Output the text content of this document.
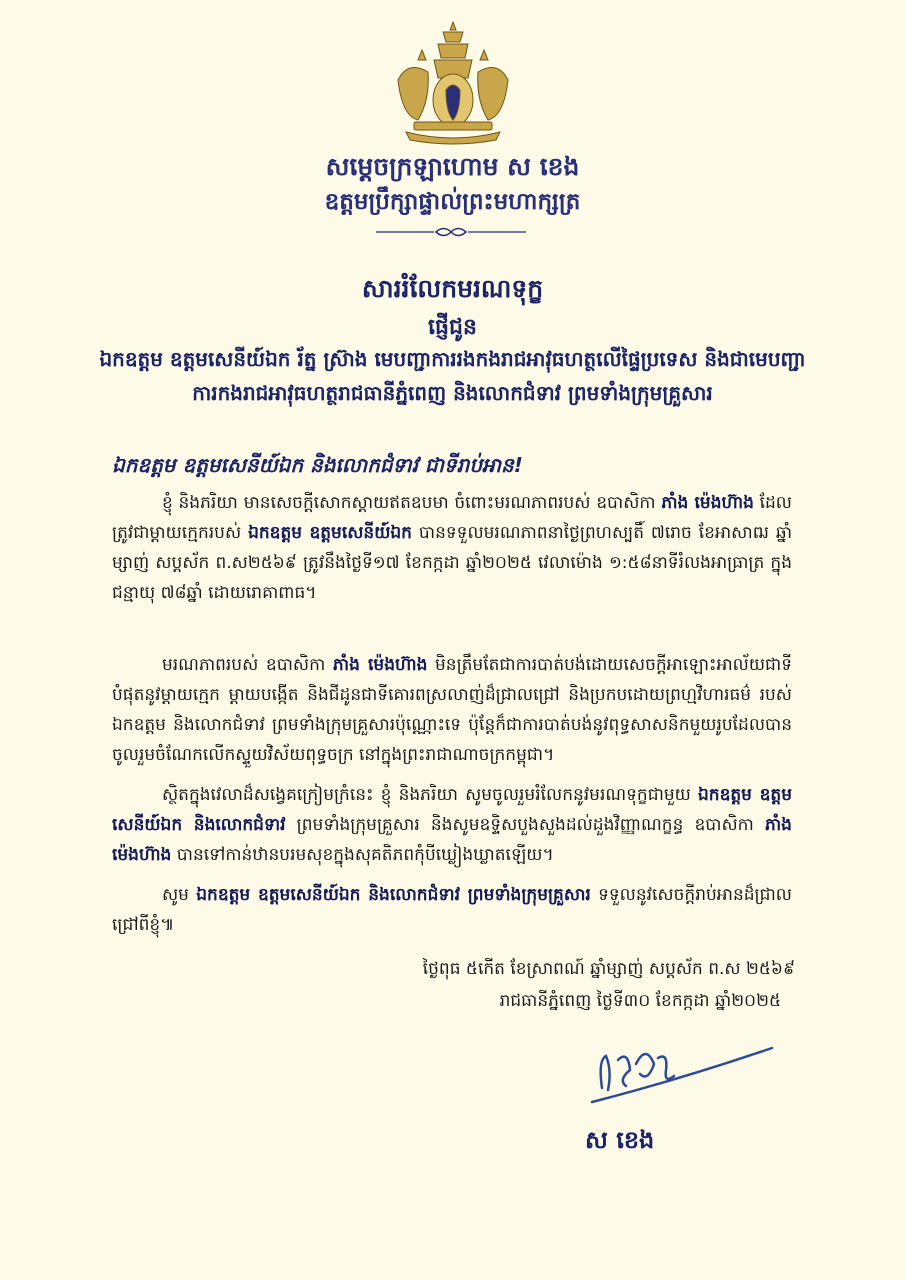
សម្តេចក្រឡាហោម ស ខេង
ឧត្តមប្រឹក្សាផ្ទាល់ព្រះមហាក្សត្រ
សាររំលែកមរណទុក្ខ
ផ្ញើជូន
ឯកឧត្តម ឧត្តមសេនីយ៍ឯក រ័ត្ន ស្រ៊ាង មេបញ្ជាការរងកងរាជអាវុធហត្ថលើផ្ទៃប្រទេស និងជាមេបញ្ជាការកងរាជអាវុធហត្ថរាជធានីភ្នំពេញ និងលោកជំទាវ ព្រមទាំងក្រុមគ្រួសារ
ឯកឧត្តម ឧត្តមសេនីយ៍ឯក និងលោកជំទាវ ជាទីរាប់អាន!
ខ្ញុំ និងភរិយា មានសេចក្តីសោកស្តាយឥតឧបមា ចំពោះមរណភាពរបស់ ឧបាសិកា ភាំង ម៉េងហ៊ាង ដែលត្រូវជាម្តាយក្មេករបស់ ឯកឧត្តម ឧត្តមសេនីយ៍ឯក បានទទួលមរណភាពនាថ្ងៃព្រហស្បតិ៍ ៧រោច ខែអាសាឍ ឆ្នាំម្សាញ់ សប្តស័ក ព.ស២៥៦៩ ត្រូវនឹងថ្ងៃទី១៧ ខែកក្កដា ឆ្នាំ២០២៥ វេលាម៉ោង ១:៥៨នាទីរំលងអាធ្រាត្រ ក្នុងជន្មាយុ ៧៨ឆ្នាំ ដោយរោគាពាធ។
មរណភាពរបស់ ឧបាសិកា ភាំង ម៉េងហ៊ាង មិនត្រឹមតែជាការបាត់បង់ដោយសេចក្តីអាឡោះអាល័យជាទីបំផុតនូវម្តាយក្មេក ម្តាយបង្កើត និងជីដូនជាទីគោរពស្រលាញ់ដ៏ជ្រាលជ្រៅ និងប្រកបដោយព្រហ្មវិហារធម៌ របស់ឯកឧត្តម និងលោកជំទាវ ព្រមទាំងក្រុមគ្រួសារប៉ុណ្ណោះទេ ប៉ុន្តែក៏ជាការបាត់បង់នូវពុទ្ធសាសនិកមួយរូបដែលបានចូលរួមចំណែកលើកស្ទួយវិស័យពុទ្ធចក្រ នៅក្នុងព្រះរាជាណាចក្រកម្ពុជា។
ស្ថិតក្នុងវេលាដ៏សង្វេគក្រៀមក្រំនេះ ខ្ញុំ និងភរិយា សូមចូលរួមរំលែកនូវមរណទុក្ខជាមួយ ឯកឧត្តម ឧត្តមសេនីយ៍ឯក និងលោកជំទាវ ព្រមទាំងក្រុមគ្រួសារ និងសូមឧទ្ទិសបួងសួងដល់ដួងវិញ្ញាណក្ខន្ធ ឧបាសិកា ភាំង ម៉េងហ៊ាង បានទៅកាន់ឋានបរមសុខក្នុងសុគតិភពកុំបីឃ្លៀងឃ្លាតឡើយ។
សូម ឯកឧត្តម ឧត្តមសេនីយ៍ឯក និងលោកជំទាវ ព្រមទាំងក្រុមគ្រួសារ ទទួលនូវសេចក្តីរាប់អានដ៏ជ្រាលជ្រៅពីខ្ញុំ៕
ថ្ងៃពុធ ៥កើត ខែស្រាពណ៍ ឆ្នាំម្សាញ់ សប្តស័ក ព.ស ២៥៦៩
រាជធានីភ្នំពេញ ថ្ងៃទី៣០ ខែកក្កដា ឆ្នាំ២០២៥
ស ខេង
